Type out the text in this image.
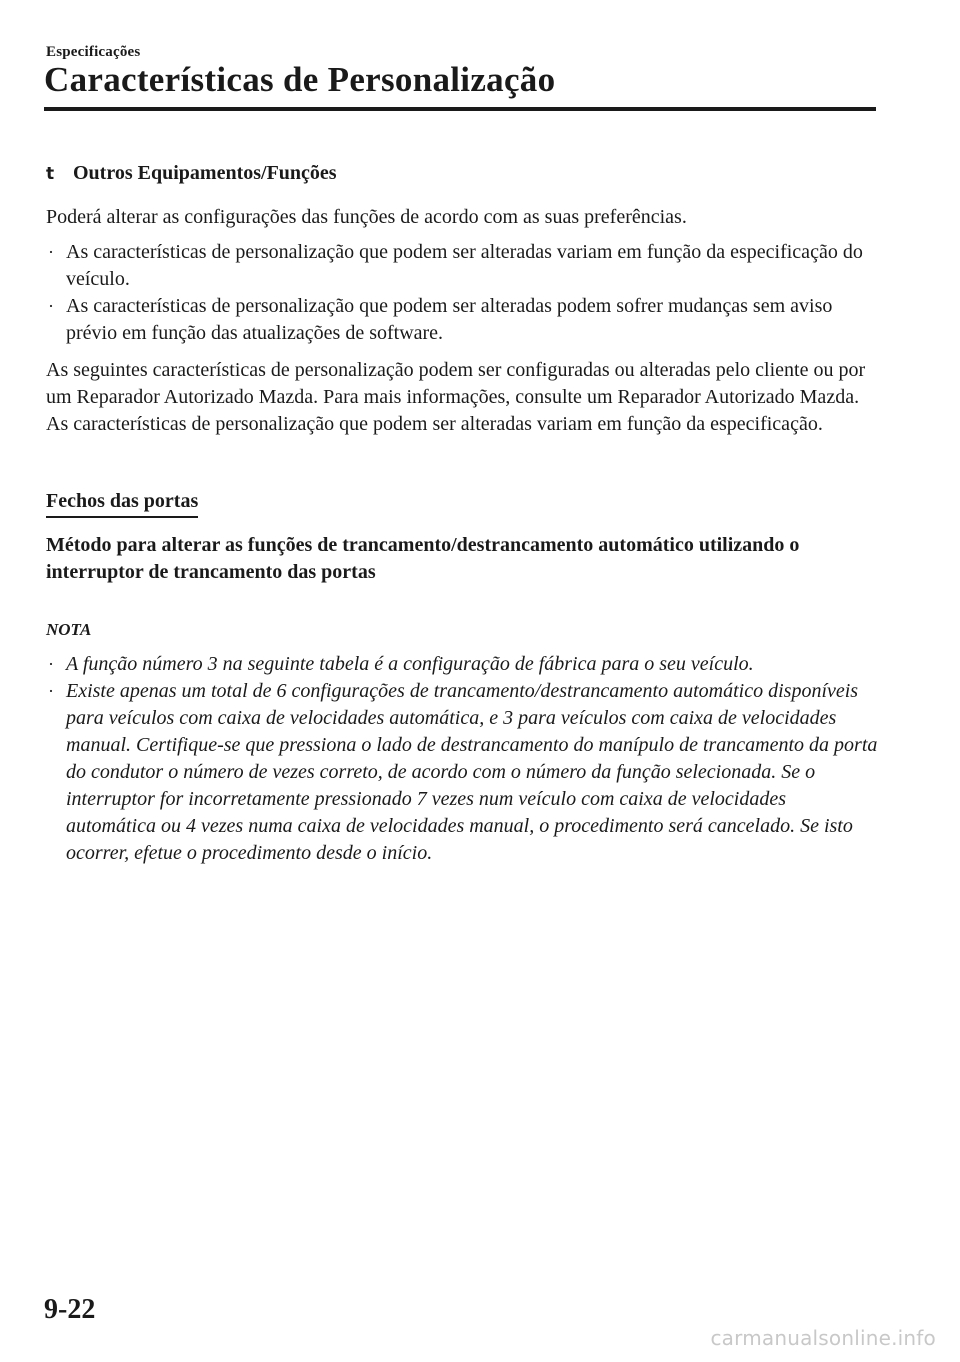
Especificações
Características de Personalização
t Outros Equipamentos/Funções

Poderá alterar as configurações das funções de acordo com as suas preferências.

· As características de personalização que podem ser alteradas variam em função da especificação do veículo.
· As características de personalização que podem ser alteradas podem sofrer mudanças sem aviso prévio em função das atualizações de software.

As seguintes características de personalização podem ser configuradas ou alteradas pelo cliente ou por um Reparador Autorizado Mazda. Para mais informações, consulte um Reparador Autorizado Mazda.

As características de personalização que podem ser alteradas variam em função da especificação.

Fechos das portas
Método para alterar as funções de trancamento/destrancamento automático utilizando o interruptor de trancamento das portas
NOTA
· A função número 3 na seguinte tabela é a configuração de fábrica para o seu veículo.
· Existe apenas um total de 6 configurações de trancamento/destrancamento automático disponíveis para veículos com caixa de velocidades automática, e 3 para veículos com caixa de velocidades manual. Certifique-se que pressiona o lado de destrancamento do manípulo de trancamento da porta do condutor o número de vezes correto, de acordo com o número da função selecionada. Se o interruptor for incorretamente pressionado 7 vezes num veículo com caixa de velocidades automática ou 4 vezes numa caixa de velocidades manual, o procedimento será cancelado. Se isto ocorrer, efetue o procedimento desde o início.
9-22
carmanualsonline.info
